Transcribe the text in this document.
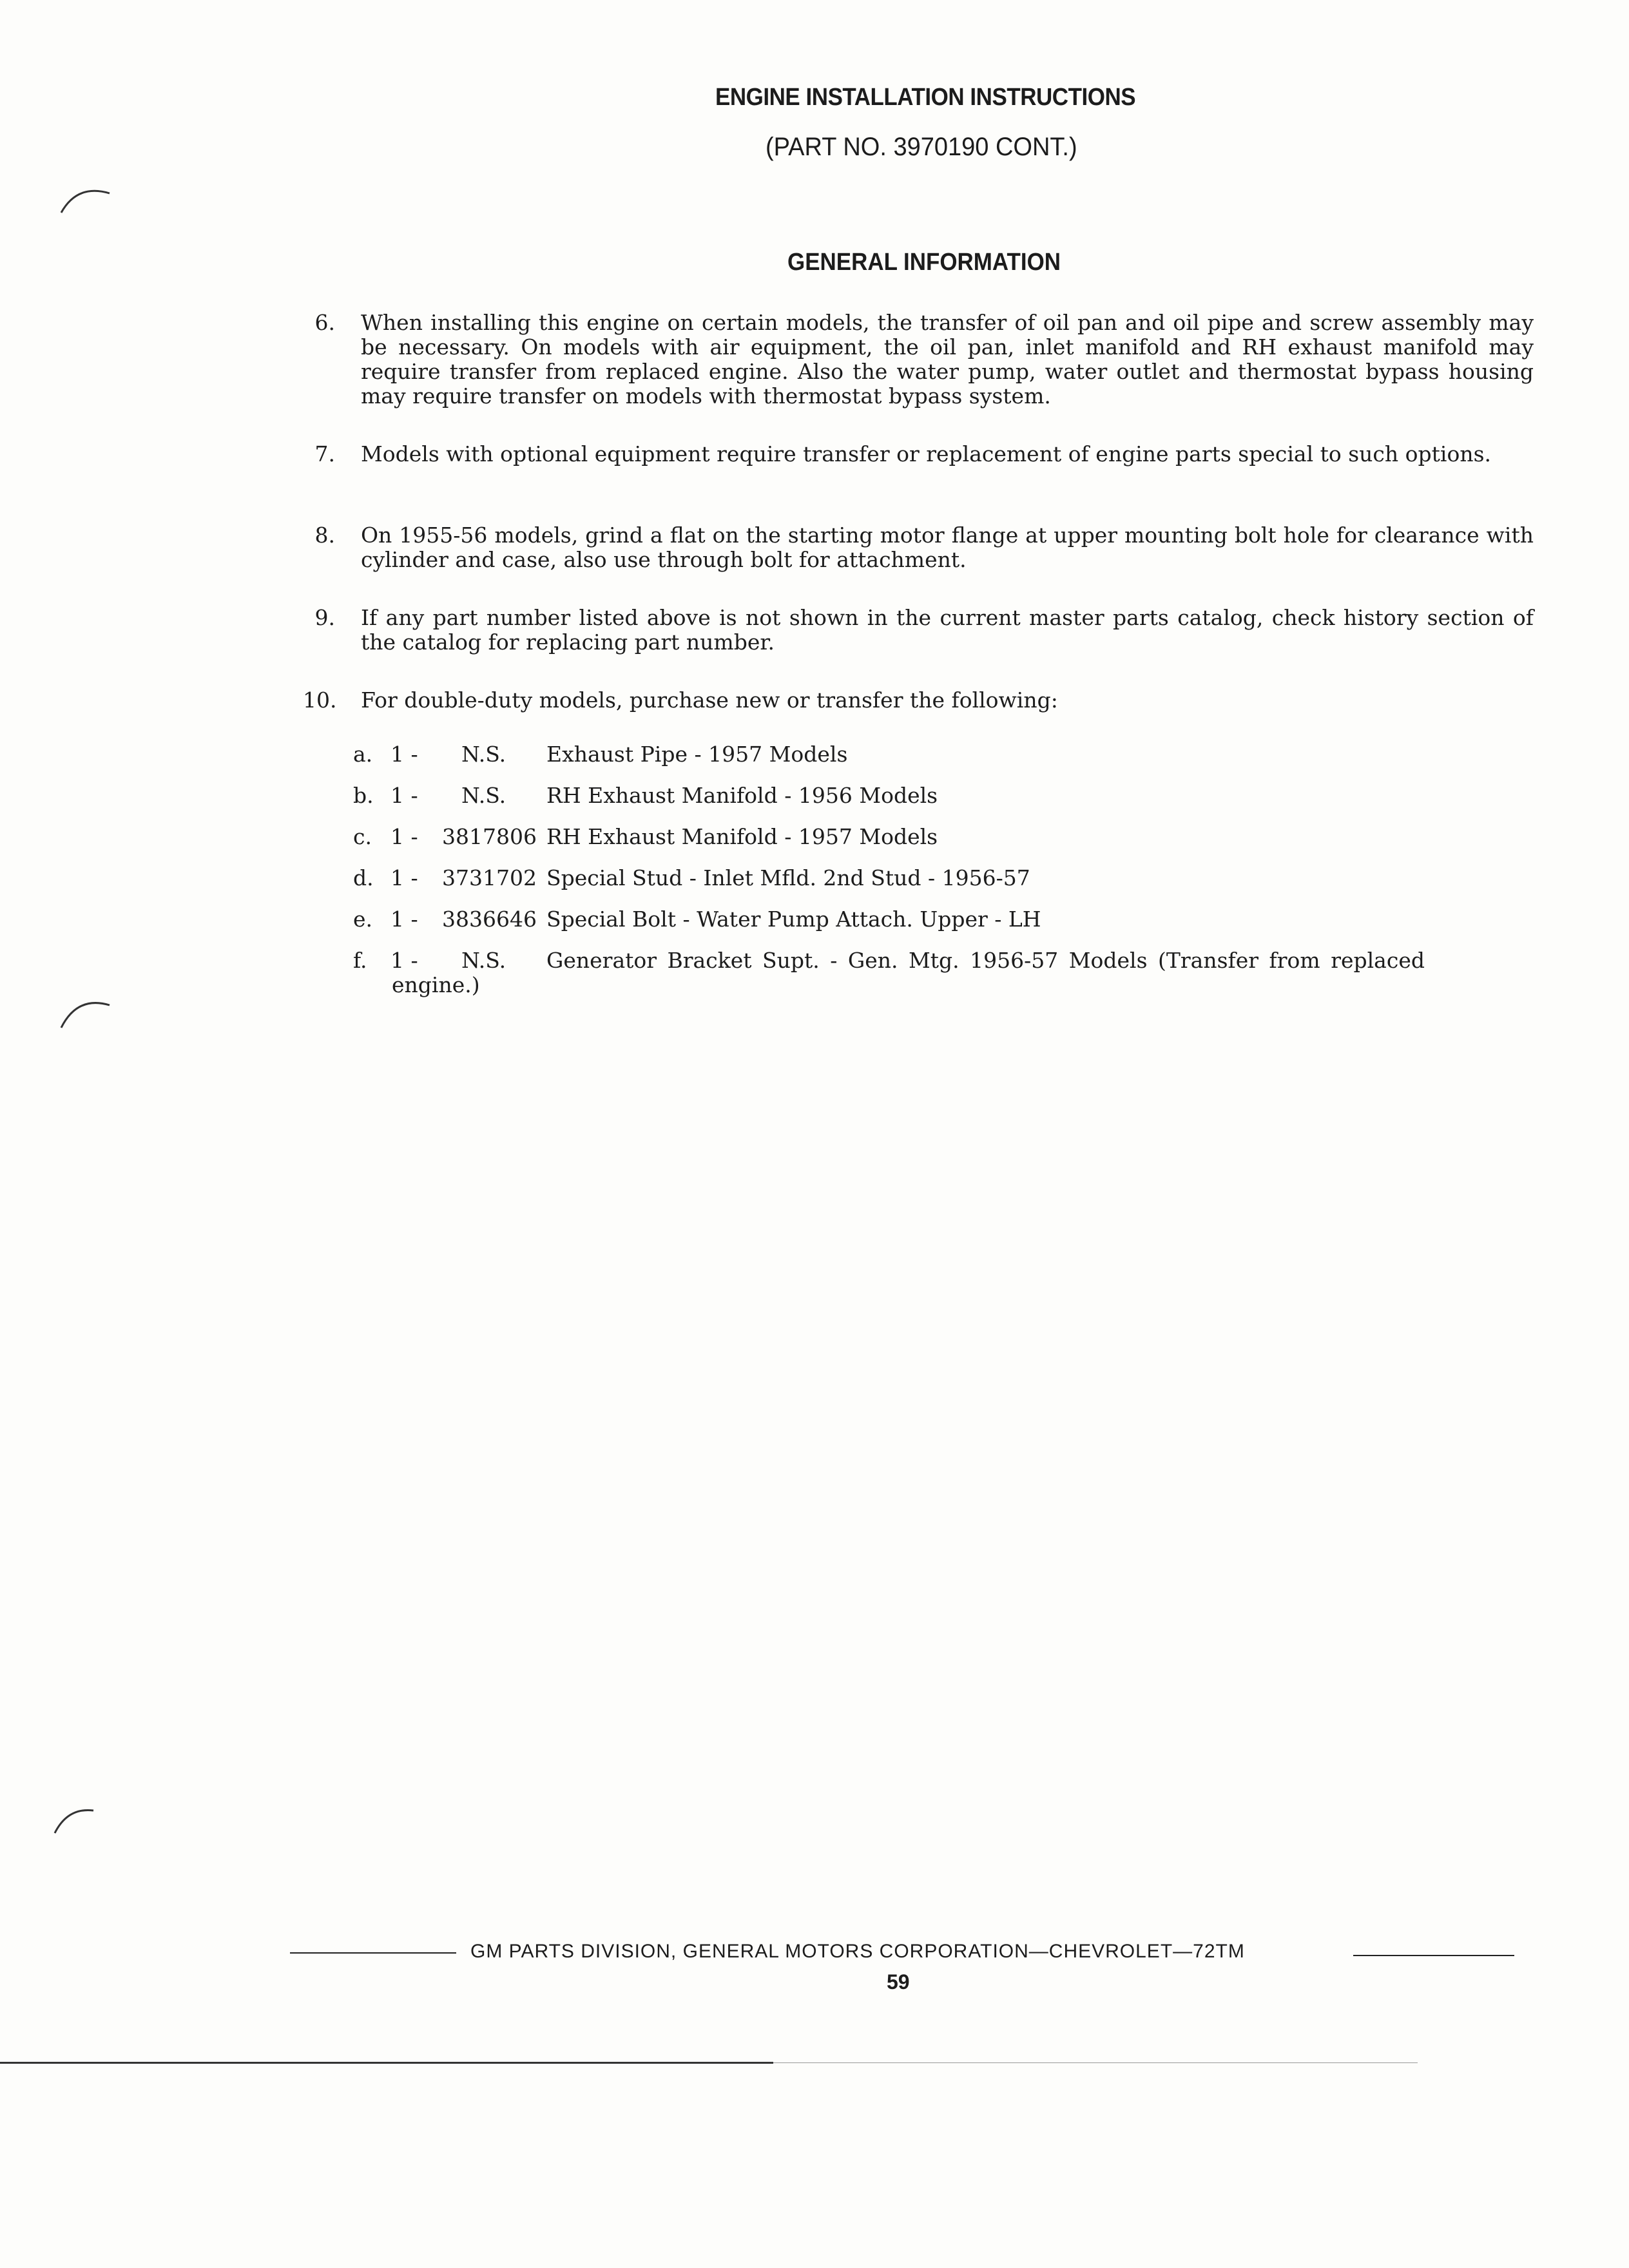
ENGINE INSTALLATION INSTRUCTIONS
(PART NO. 3970190 CONT.)
GENERAL INFORMATION
6. When installing this engine on certain models, the transfer of oil pan and oil pipe and screw assembly may be necessary. On models with air equipment, the oil pan, inlet manifold and RH exhaust manifold may require transfer from replaced engine. Also the water pump, water outlet and thermostat bypass housing may require transfer on models with thermostat bypass system.
7. Models with optional equipment require transfer or replacement of engine parts special to such options.
8. On 1955-56 models, grind a flat on the starting motor flange at upper mounting bolt hole for clearance with cylinder and case, also use through bolt for attachment.
9. If any part number listed above is not shown in the current master parts catalog, check history section of the catalog for replacing part number.
10. For double-duty models, purchase new or transfer the following:
a. 1 - N.S. Exhaust Pipe - 1957 Models
b. 1 - N.S. RH Exhaust Manifold - 1956 Models
c. 1 - 3817806 RH Exhaust Manifold - 1957 Models
d. 1 - 3731702 Special Stud - Inlet Mfld. 2nd Stud - 1956-57
e. 1 - 3836646 Special Bolt - Water Pump Attach. Upper - LH
f. 1 - N.S. Generator Bracket Supt. - Gen. Mtg. 1956-57 Models (Transfer from replaced
engine.)
GM PARTS DIVISION, GENERAL MOTORS CORPORATION—CHEVROLET—72TM
59
